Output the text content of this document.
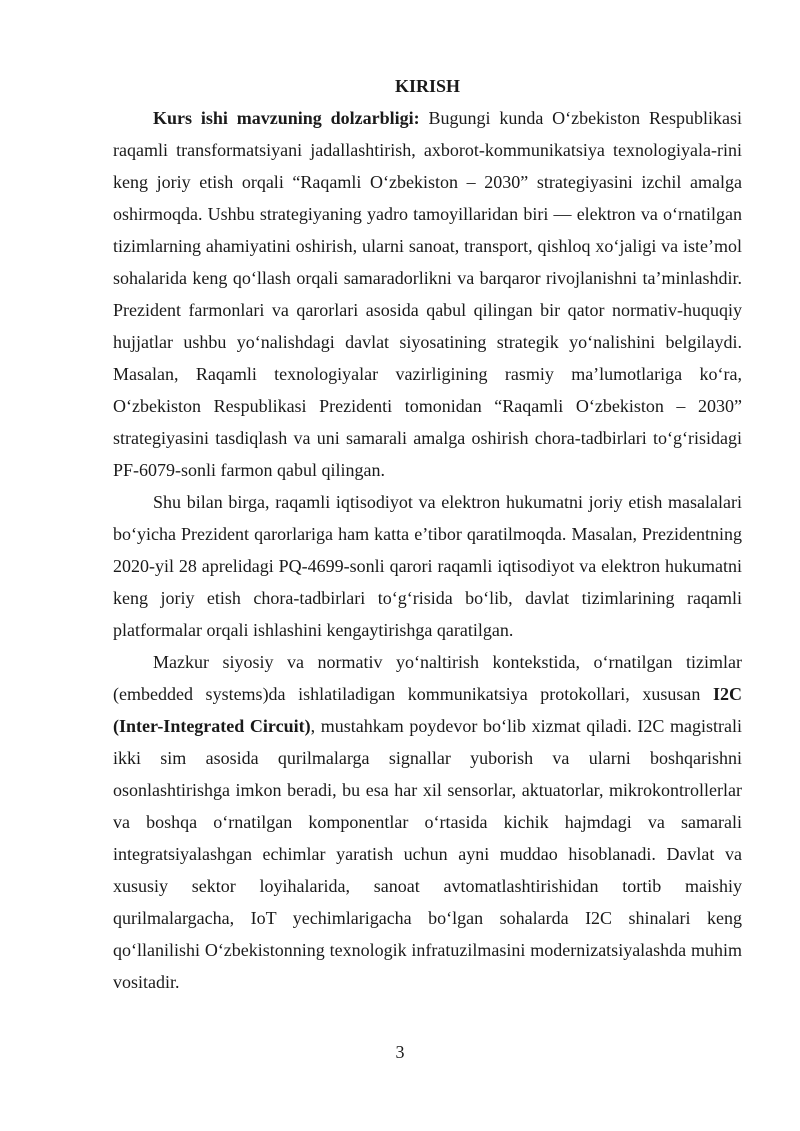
KIRISH

Kurs ishi mavzuning dolzarbligi: Bugungi kunda O‘zbekiston Respublikasi raqamli transformatsiyani jadallashtirish, axborot-kommunikatsiya texnologiyala-rini keng joriy etish orqali “Raqamli O‘zbekiston – 2030” strategiyasini izchil amalga oshirmoqda. Ushbu strategiyaning yadro tamoyillaridan biri — elektron va o‘rnatilgan tizimlarning ahamiyatini oshirish, ularni sanoat, transport, qishloq xo‘jaligi va iste’mol sohalarida keng qo‘llash orqali samaradorlikni va barqaror rivojlanishni ta’minlashdir. Prezident farmonlari va qarorlari asosida qabul qilingan bir qator normativ-huquqiy hujjatlar ushbu yo‘nalishdagi davlat siyosatining strategik yo‘nalishini belgilaydi. Masalan, Raqamli texnologiyalar vazirligining rasmiy ma’lumotlariga ko‘ra, O‘zbekiston Respublikasi Prezidenti tomonidan “Raqamli O‘zbekiston – 2030” strategiyasini tasdiqlash va uni samarali amalga oshirish chora-tadbirlari to‘g‘risidagi PF-6079-sonli farmon qabul qilingan.

Shu bilan birga, raqamli iqtisodiyot va elektron hukumatni joriy etish masalalari bo‘yicha Prezident qarorlariga ham katta e’tibor qaratilmoqda. Masalan, Prezidentning 2020-yil 28 aprelidagi PQ-4699-sonli qarori raqamli iqtisodiyot va elektron hukumatni keng joriy etish chora-tadbirlari to‘g‘risida bo‘lib, davlat tizimlarining raqamli platformalar orqali ishlashini kengaytirishga qaratilgan.

Mazkur siyosiy va normativ yo‘naltirish kontekstida, o‘rnatilgan tizimlar (embedded systems)da ishlatiladigan kommunikatsiya protokollari, xususan I2C (Inter-Integrated Circuit), mustahkam poydevor bo‘lib xizmat qiladi. I2C magistrali ikki sim asosida qurilmalarga signallar yuborish va ularni boshqarishni osonlashtirishga imkon beradi, bu esa har xil sensorlar, aktuatorlar, mikrokontrollerlar va boshqa o‘rnatilgan komponentlar o‘rtasida kichik hajmdagi va samarali integratsiyalashgan echimlar yaratish uchun ayni muddao hisoblanadi. Davlat va xususiy sektor loyihalarida, sanoat avtomatlashtirishidan tortib maishiy qurilmalargacha, IoT yechimlarigacha bo‘lgan sohalarda I2C shinalari keng qo‘llanilishi O‘zbekistonning texnologik infratuzilmasini modernizatsiyalashda muhim vositadir.

3
